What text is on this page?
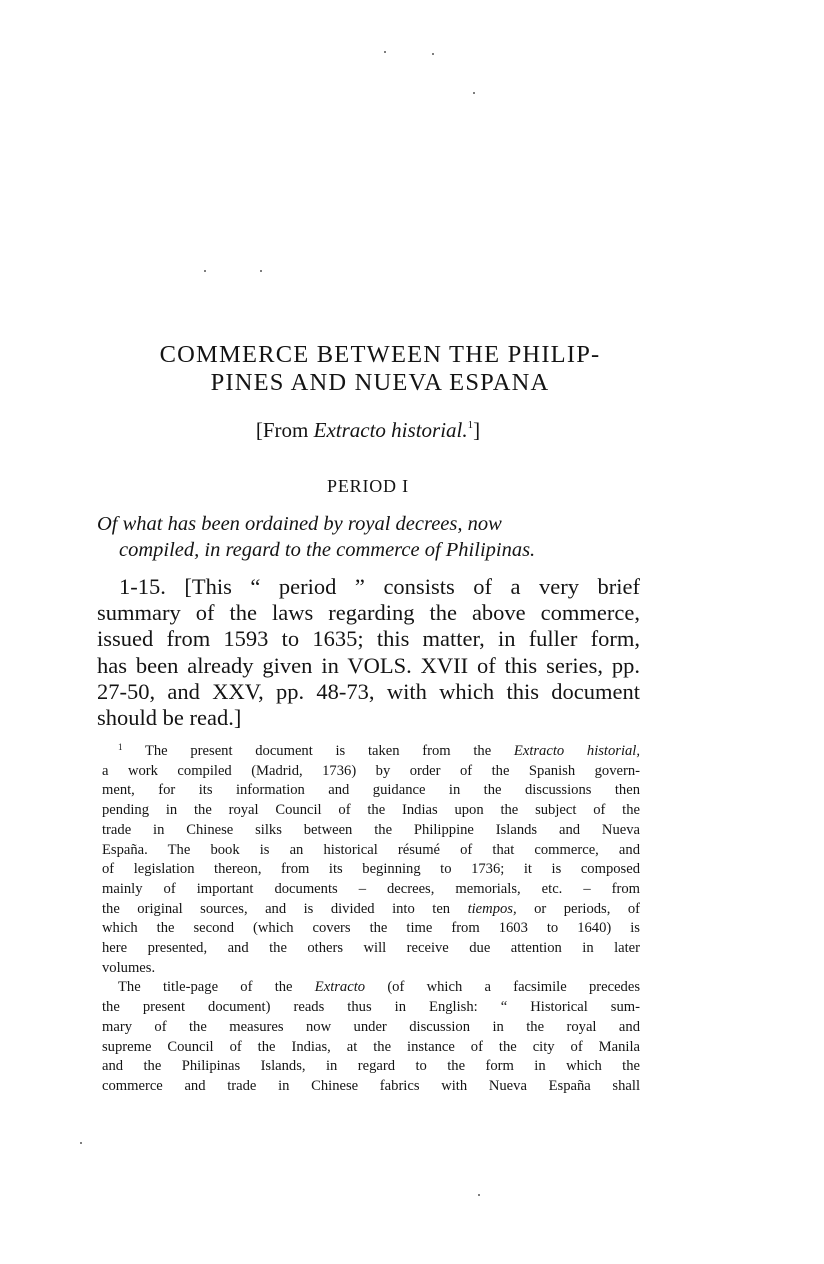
COMMERCE BETWEEN THE PHILIP-
PINES AND NUEVA ESPANA

[From Extracto historial.$^1$]

PERIOD I

Of what has been ordained by royal decrees, now
compiled, in regard to the commerce of Philipinas.

1-15. [This “ period ” consists of a very brief
summary of the laws regarding the above commerce,
issued from 1593 to 1635; this matter, in fuller form,
has been already given in VOLS. XVII of this series, pp.
27-50, and XXV, pp. 48-73, with which this document
should be read.]

$^1$ The present document is taken from the Extracto historial,
a work compiled (Madrid, 1736) by order of the Spanish govern-
ment, for its information and guidance in the discussions then
pending in the royal Council of the Indias upon the subject of the
trade in Chinese silks between the Philippine Islands and Nueva
España. The book is an historical résumé of that commerce, and
of legislation thereon, from its beginning to 1736; it is composed
mainly of important documents – decrees, memorials, etc. – from
the original sources, and is divided into ten tiempos, or periods, of
which the second (which covers the time from 1603 to 1640) is
here presented, and the others will receive due attention in later
volumes.
The title-page of the Extracto (of which a facsimile precedes
the present document) reads thus in English: “ Historical sum-
mary of the measures now under discussion in the royal and
supreme Council of the Indias, at the instance of the city of Manila
and the Philipinas Islands, in regard to the form in which the
commerce and trade in Chinese fabrics with Nueva España shall
